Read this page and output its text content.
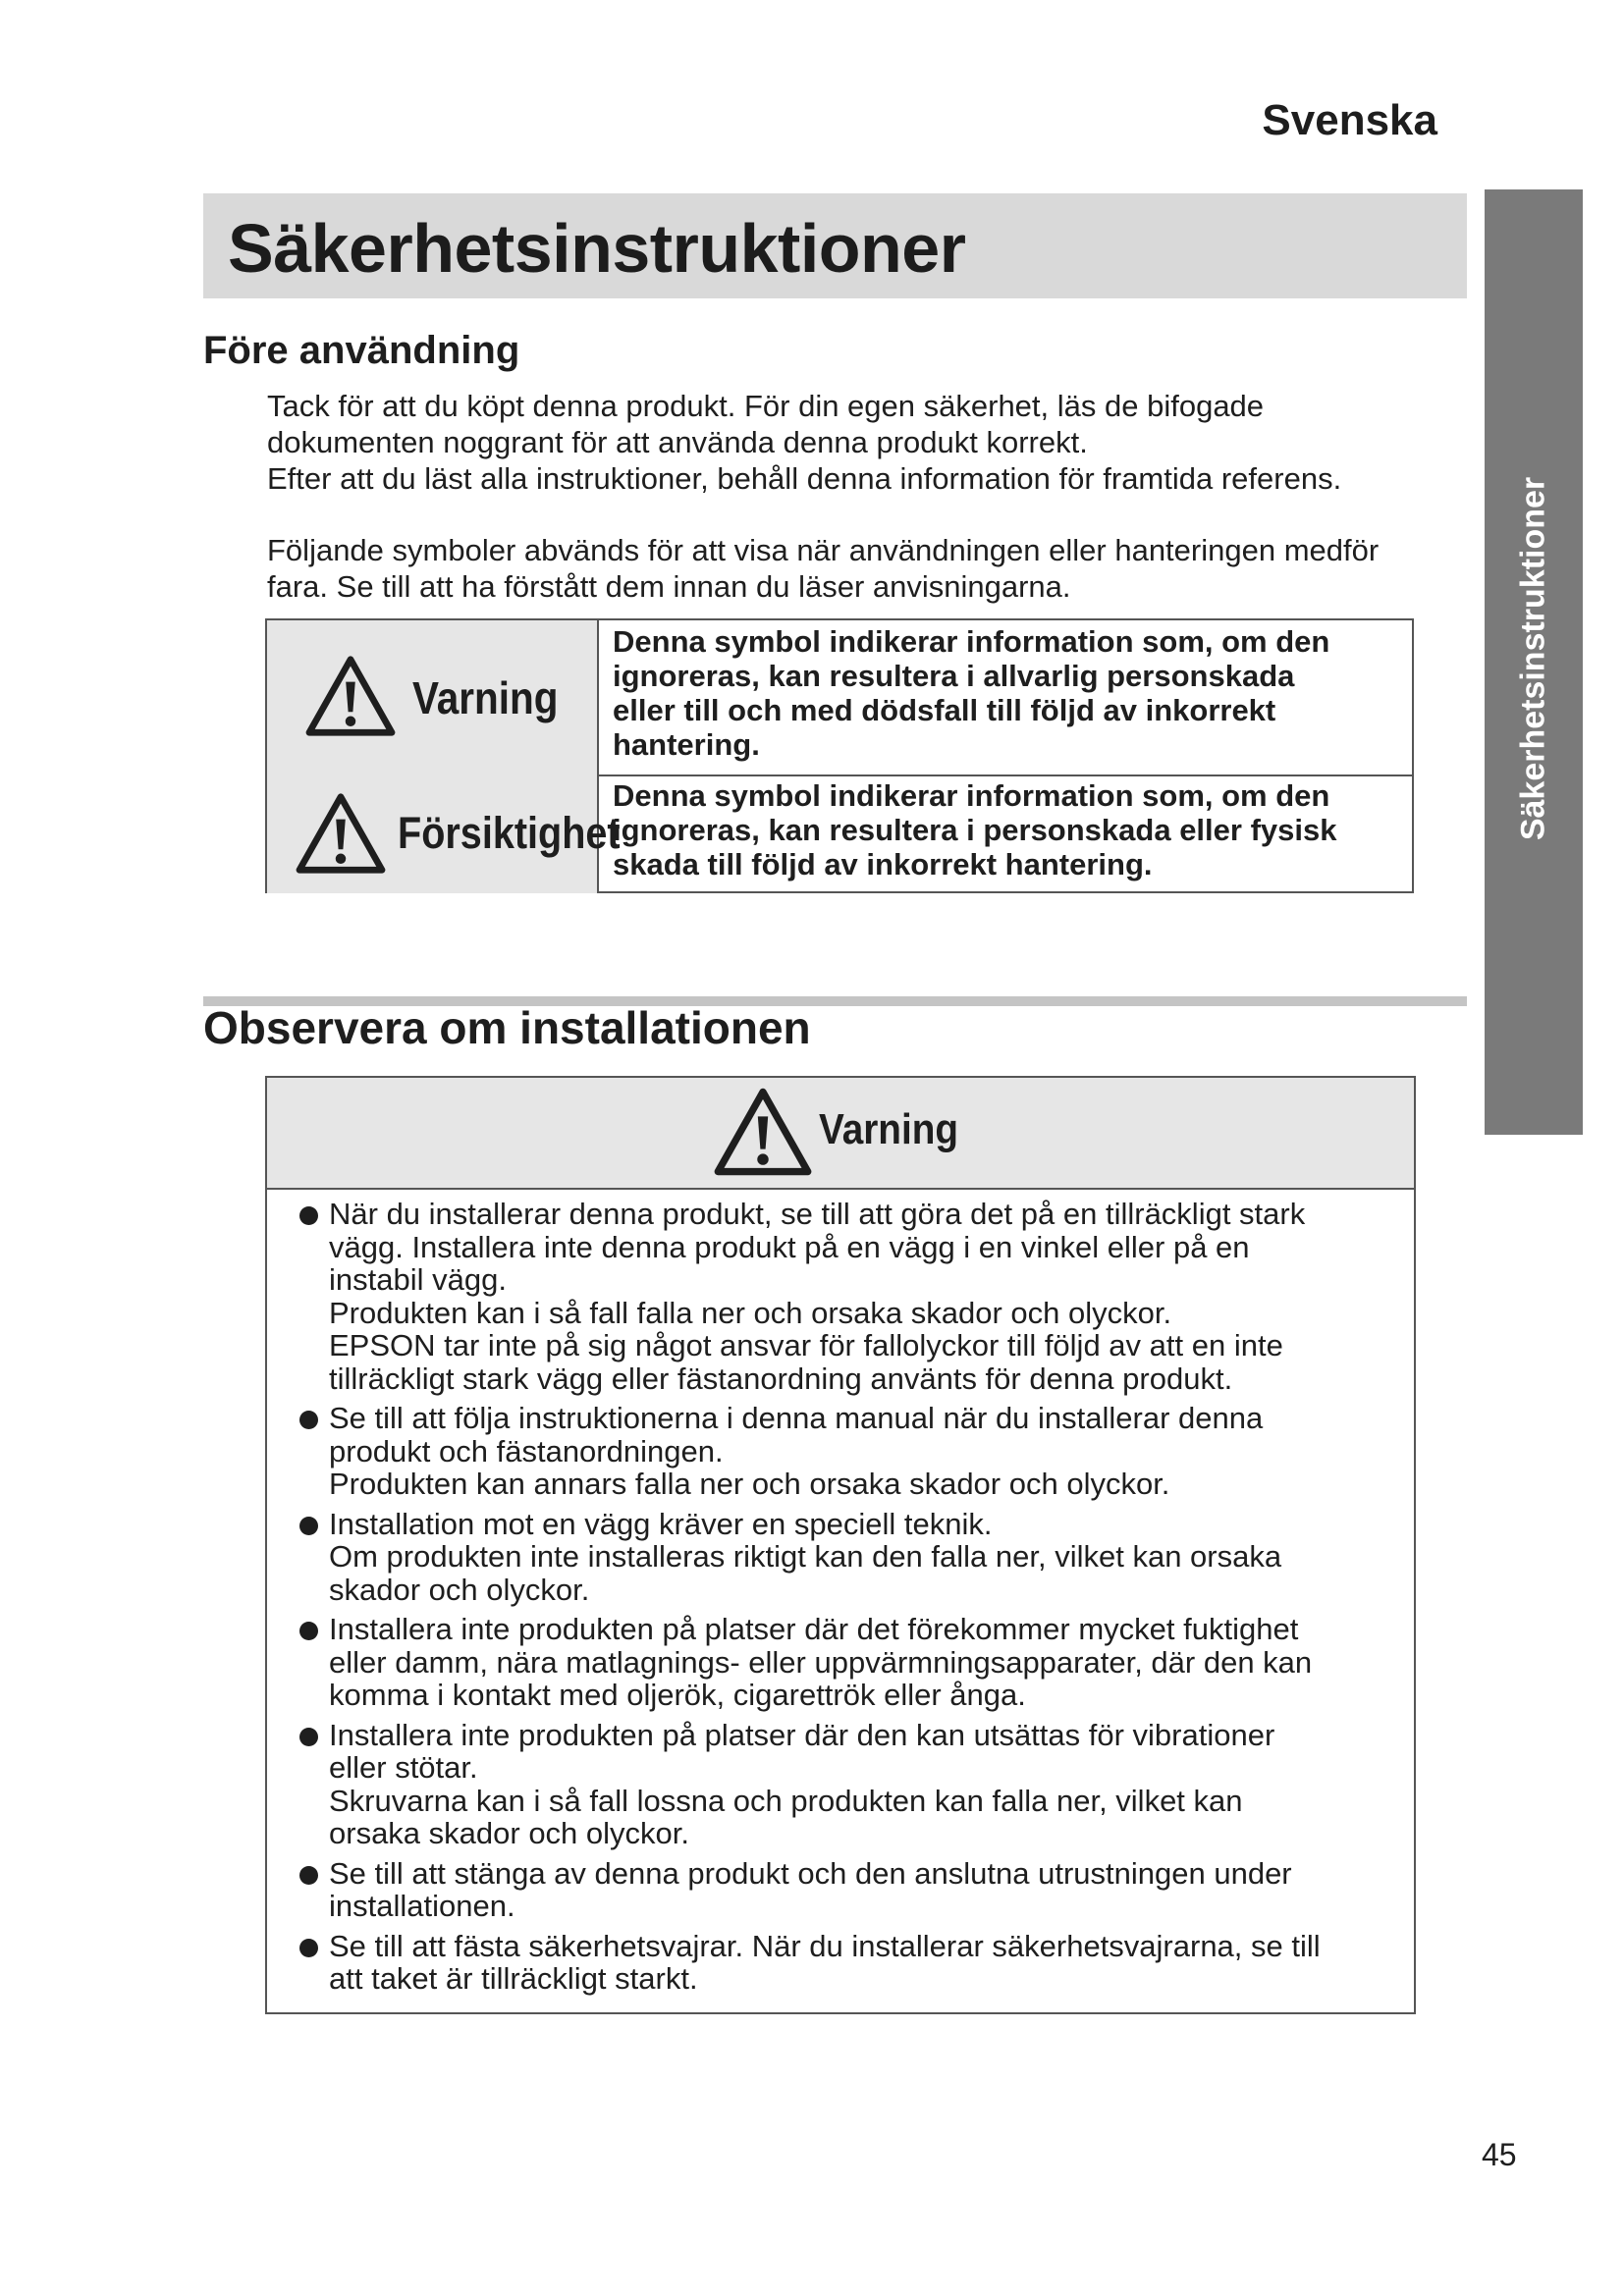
Svenska
Säkerhetsinstruktioner
Säkerhetsinstruktioner
Före användning

Tack för att du köpt denna produkt. För din egen säkerhet, läs de bifogade

dokumenten noggrant för att använda denna produkt korrekt.

Efter att du läst alla instruktioner, behåll denna information för framtida referens.

Följande symboler abvänds för att visa när användningen eller hanteringen medför

fara. Se till att ha förstått dem innan du läser anvisningarna.

Varning
Denna symbol indikerar information som, om den
ignoreras, kan resultera i allvarlig personskada
eller till och med dödsfall till följd av inkorrekt
hantering.
Försiktighet
Denna symbol indikerar information som, om den
ignoreras, kan resultera i personskada eller fysisk
skada till följd av inkorrekt hantering.
Observera om installationen
Varning
När du installerar denna produkt, se till att göra det på en tillräckligt stark
vägg. Installera inte denna produkt på en vägg i en vinkel eller på en
instabil vägg.
Produkten kan i så fall falla ner och orsaka skador och olyckor.
EPSON tar inte på sig något ansvar för fallolyckor till följd av att en inte
tillräckligt stark vägg eller fästanordning använts för denna produkt.
Se till att följa instruktionerna i denna manual när du installerar denna
produkt och fästanordningen.
Produkten kan annars falla ner och orsaka skador och olyckor.
Installation mot en vägg kräver en speciell teknik.
Om produkten inte installeras riktigt kan den falla ner, vilket kan orsaka
skador och olyckor.
Installera inte produkten på platser där det förekommer mycket fuktighet
eller damm, nära matlagnings- eller uppvärmningsapparater, där den kan
komma i kontakt med oljerök, cigarettrök eller ånga.
Installera inte produkten på platser där den kan utsättas för vibrationer
eller stötar.
Skruvarna kan i så fall lossna och produkten kan falla ner, vilket kan
orsaka skador och olyckor.
Se till att stänga av denna produkt och den anslutna utrustningen under
installationen.
Se till att fästa säkerhetsvajrar. När du installerar säkerhetsvajrarna, se till
att taket är tillräckligt starkt.
45
